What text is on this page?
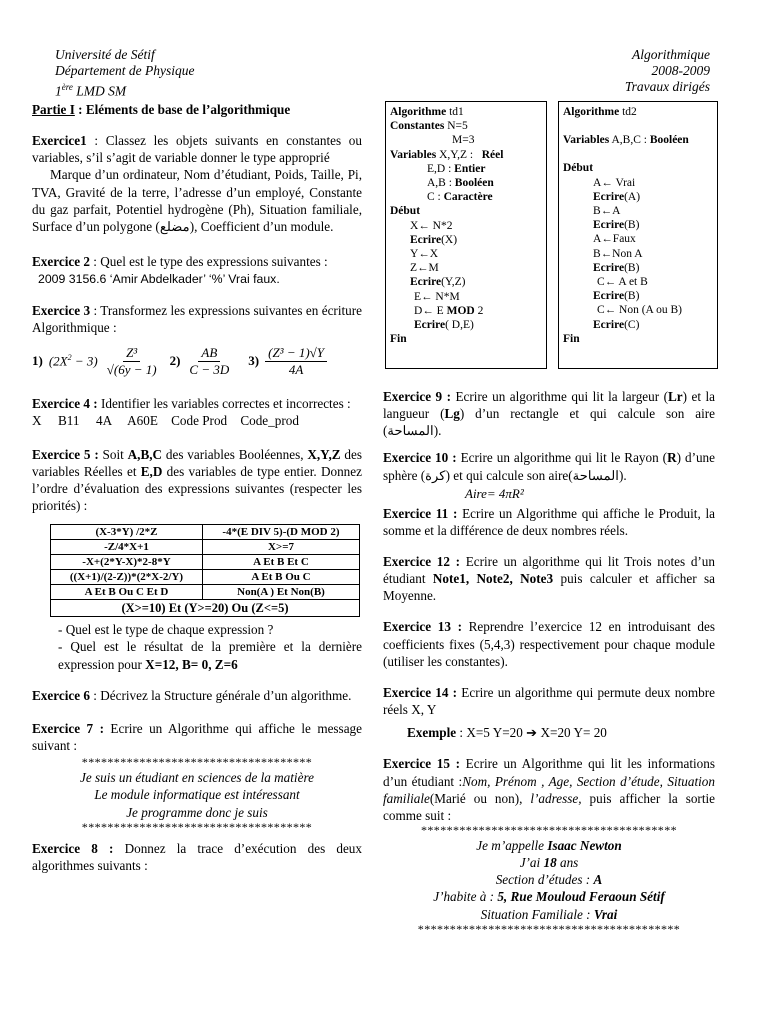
Université de Sétif
Département de Physique
1ère LMD SM
Algorithmique
2008-2009
Travaux dirigés

Partie I : Eléments de base de l’algorithmique

Exercice1 : Classez les objets suivants en constantes ou variables, s’il s’agit de variable donner le type approprié
Marque d’un ordinateur, Nom d’étudiant, Poids, Taille, Pi, TVA, Gravité de la terre, l’adresse d’un employé, Constante du gaz parfait, Potentiel hydrogène (Ph), Situation familiale, Surface d’un polygone (مضلع), Coefficient d’un module.

Exercice 2 : Quel est le type des expressions suivantes :
2009 3156.6 ‘Amir Abdelkader’ ‘%’ Vrai faux.

Exercice 3 : Transformez les expressions suivantes en écriture Algorithmique :

1) $(2X^2 - 3) \frac{\text{Z³}}{√(6y - 1)} 2) \frac{AB}{C - 3D} 3) \frac{\text{(Z³ − 1)√Y}}{4A}$

Exercice 4 : Identifier les variables correctes et incorrectes :
X     B11     4A     A60E    Code Prod    Code_prod

Exercice 5 : Soit A,B,C des variables Booléennes, X,Y,Z des variables Réelles et E,D des variables de type entier. Donnez l’ordre d’évaluation des expressions suivantes (respecter les priorités) :

(X-3*Y) /2*Z	-4*(E DIV 5)-(D MOD 2)
-Z/4*X+1	X>=7
-X+(2*Y-X)*2-8*Y	A Et B Et C
((X+1)/(2-Z))*(2*X-2/Y)	A Et B Ou C
A Et B Ou C Et D	Non(A ) Et Non(B)
(X>=10) Et (Y>=20) Ou (Z<=5)	
- Quel est le type de chaque expression ?
- Quel est le résultat de la première et la dernière expression pour X=12, B= 0, Z=6

Exercice 6 : Décrivez la Structure générale d’un algorithme.

Exercice 7 : Ecrire un Algorithme qui affiche le message suivant :

************************************
Je suis un étudiant en sciences de la matière
Le module informatique est intéressant
Je programme donc je suis
************************************

Exercice 8 : Donnez la trace d’exécution des deux algorithmes suivants :

Algorithme td1
Constantes N=5
M=3
Variables X,Y,Z : Réel
E,D : Entier
A,B : Booléen
C : Caractère
Début
X← N*2
Ecrire(X)
Y←X
Z←M
Ecrire(Y,Z)
E← N*M
D← E MOD 2
Ecrire( D,E)
Fin
Algorithme td2
Variables A,B,C : Booléen
Début
A← Vrai
Ecrire(A)
B←A
Ecrire(B)
A←Faux
B←Non A
Ecrire(B)
C← A et B
Ecrire(B)
C← Non (A ou B)
Ecrire(C)
Fin

Exercice 9 : Ecrire un algorithme qui lit la largeur (Lr) et la langueur (Lg) d’un rectangle et qui calcule son aire (المساحة).

Exercice 10 : Ecrire un algorithme qui lit le Rayon (R) d’une sphère (كرة) et qui calcule son aire(المساحة).

Aire= 4πR²

Exercice 11 : Ecrire un Algorithme qui affiche le Produit, la somme et la différence de deux nombres réels.

Exercice 12 : Ecrire un algorithme qui lit Trois notes d’un étudiant Note1, Note2, Note3 puis calculer et afficher sa Moyenne.

Exercice 13 : Reprendre l’exercice 12 en introduisant des coefficients fixes (5,4,3) respectivement pour chaque module (utiliser les constantes).

Exercice 14 : Ecrire un algorithme qui permute deux nombre réels X, Y

Exemple : X=5 Y=20 ➔ X=20 Y= 20

Exercice 15 : Ecrire un Algorithme qui lit les informations d’un étudiant :Nom, Prénom , Age, Section d’étude, Situation familiale(Marié ou non), l’adresse, puis afficher la sortie comme suit :

****************************************
Je m’appelle Isaac Newton
J’ai 18 ans
Section d’études : A
J’habite à : 5, Rue Mouloud Feraoun Sétif
Situation Familiale : Vrai
*****************************************
